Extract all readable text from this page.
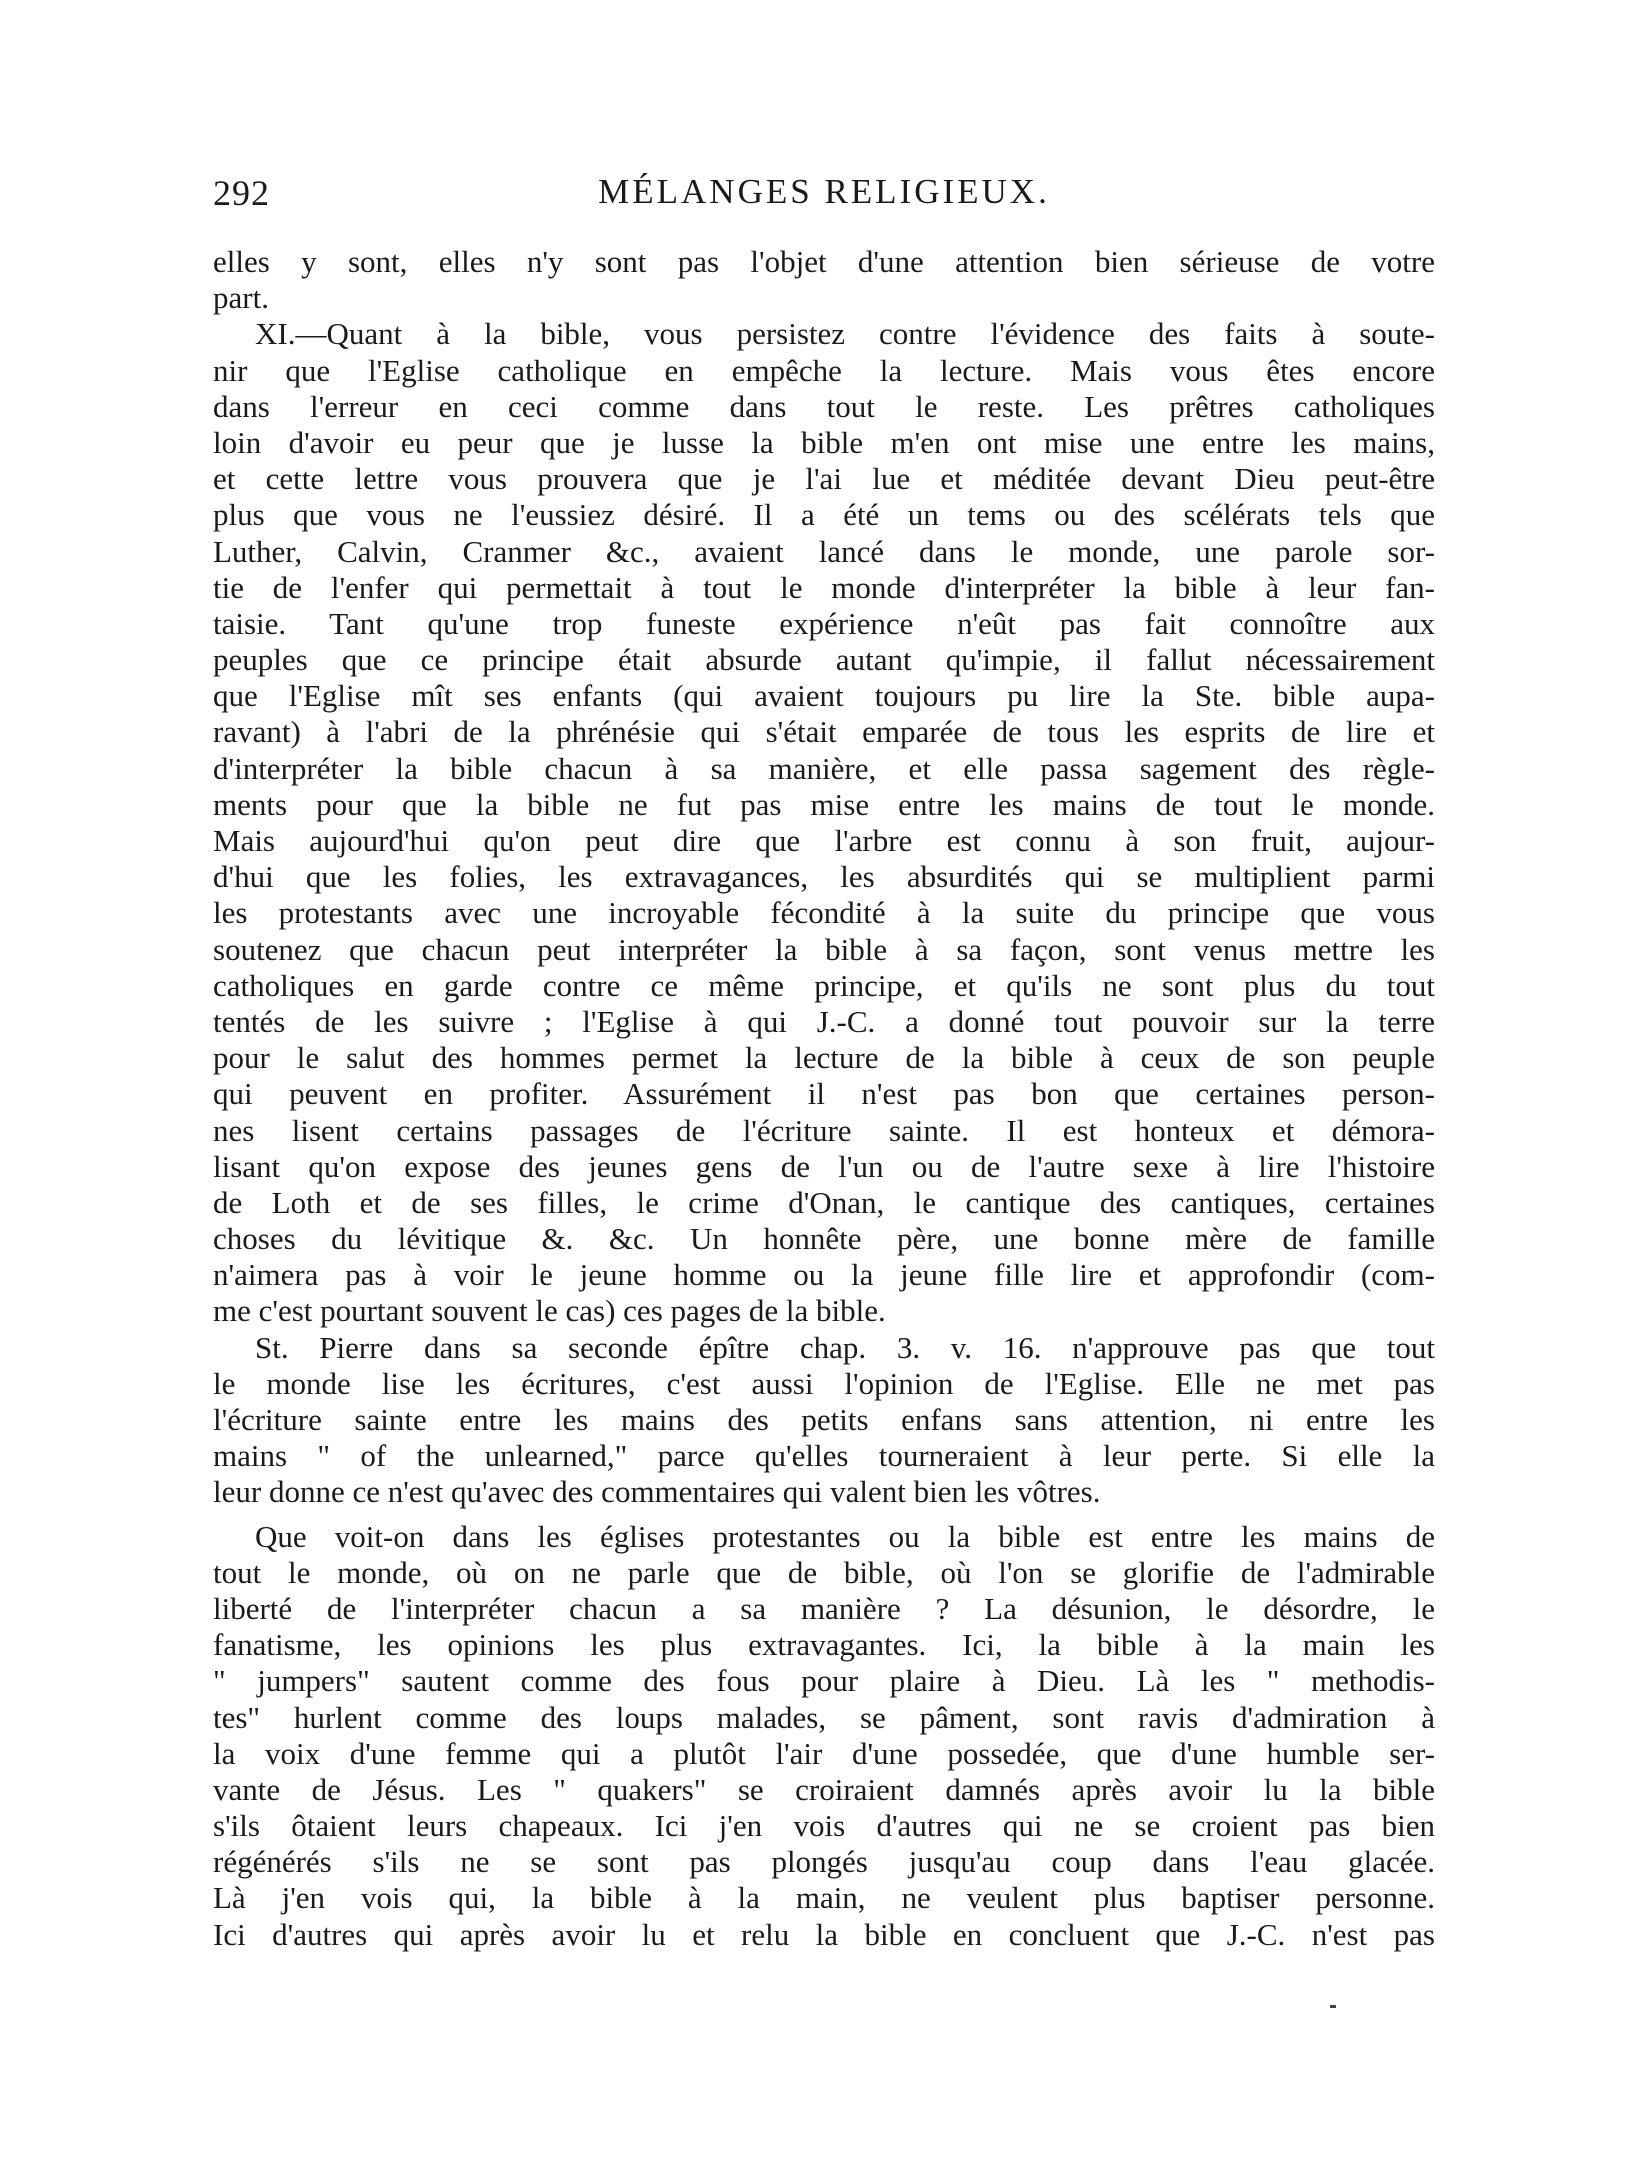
292	MÉLANGES RELIGIEUX.
elles y sont, elles n'y sont pas l'objet d'une attention bien sérieuse de votre
part.
XI.—Quant à la bible, vous persistez contre l'évidence des faits à soute-
nir que l'Eglise catholique en empêche la lecture. Mais vous êtes encore
dans l'erreur en ceci comme dans tout le reste. Les prêtres catholiques
loin d'avoir eu peur que je lusse la bible m'en ont mise une entre les mains,
et cette lettre vous prouvera que je l'ai lue et méditée devant Dieu peut-être
plus que vous ne l'eussiez désiré. Il a été un tems ou des scélérats tels que
Luther, Calvin, Cranmer &c., avaient lancé dans le monde, une parole sor-
tie de l'enfer qui permettait à tout le monde d'interpréter la bible à leur fan-
taisie. Tant qu'une trop funeste expérience n'eût pas fait connoître aux
peuples que ce principe était absurde autant qu'impie, il fallut nécessairement
que l'Eglise mît ses enfants (qui avaient toujours pu lire la Ste. bible aupa-
ravant) à l'abri de la phrénésie qui s'était emparée de tous les esprits de lire et
d'interpréter la bible chacun à sa manière, et elle passa sagement des règle-
ments pour que la bible ne fut pas mise entre les mains de tout le monde.
Mais aujourd'hui qu'on peut dire que l'arbre est connu à son fruit, aujour-
d'hui que les folies, les extravagances, les absurdités qui se multiplient parmi
les protestants avec une incroyable fécondité à la suite du principe que vous
soutenez que chacun peut interpréter la bible à sa façon, sont venus mettre les
catholiques en garde contre ce même principe, et qu'ils ne sont plus du tout
tentés de les suivre ; l'Eglise à qui J.-C. a donné tout pouvoir sur la terre
pour le salut des hommes permet la lecture de la bible à ceux de son peuple
qui peuvent en profiter. Assurément il n'est pas bon que certaines person-
nes lisent certains passages de l'écriture sainte. Il est honteux et démora-
lisant qu'on expose des jeunes gens de l'un ou de l'autre sexe à lire l'histoire
de Loth et de ses filles, le crime d'Onan, le cantique des cantiques, certaines
choses du lévitique &. &c. Un honnête père, une bonne mère de famille
n'aimera pas à voir le jeune homme ou la jeune fille lire et approfondir (com-
me c'est pourtant souvent le cas) ces pages de la bible.
St. Pierre dans sa seconde épître chap. 3. v. 16. n'approuve pas que tout
le monde lise les écritures, c'est aussi l'opinion de l'Eglise. Elle ne met pas
l'écriture sainte entre les mains des petits enfans sans attention, ni entre les
mains " of the unlearned," parce qu'elles tourneraient à leur perte. Si elle la
leur donne ce n'est qu'avec des commentaires qui valent bien les vôtres.
Que voit-on dans les églises protestantes ou la bible est entre les mains de
tout le monde, où on ne parle que de bible, où l'on se glorifie de l'admirable
liberté de l'interpréter chacun a sa manière ? La désunion, le désordre, le
fanatisme, les opinions les plus extravagantes. Ici, la bible à la main les
" jumpers" sautent comme des fous pour plaire à Dieu. Là les " methodis-
tes" hurlent comme des loups malades, se pâment, sont ravis d'admiration à
la voix d'une femme qui a plutôt l'air d'une possedée, que d'une humble ser-
vante de Jésus. Les " quakers" se croiraient damnés après avoir lu la bible
s'ils ôtaient leurs chapeaux. Ici j'en vois d'autres qui ne se croient pas bien
régénérés s'ils ne se sont pas plongés jusqu'au coup dans l'eau glacée.
Là j'en vois qui, la bible à la main, ne veulent plus baptiser personne.
Ici d'autres qui après avoir lu et relu la bible en concluent que J.-C. n'est pas
